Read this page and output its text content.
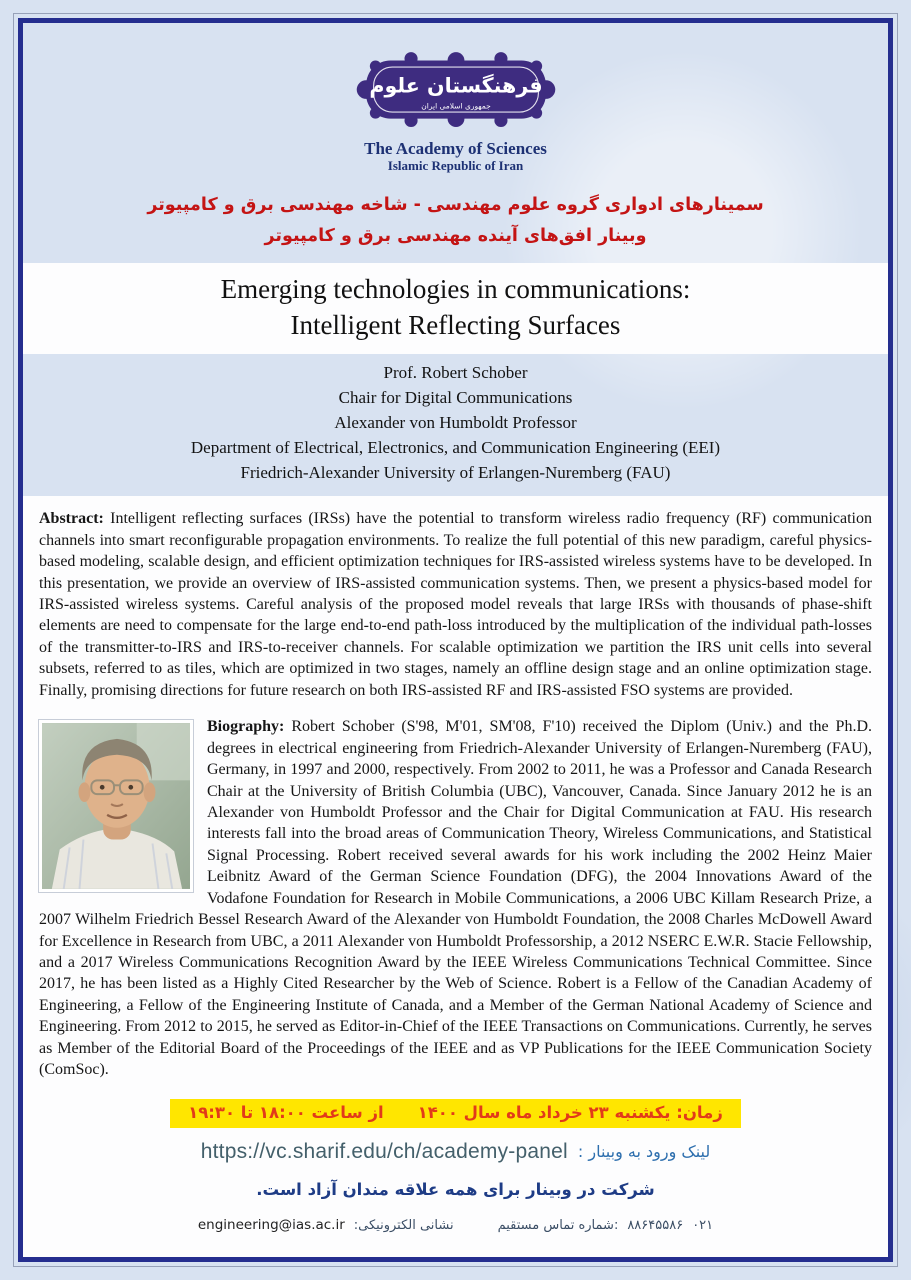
فرهنگستان علوم
جمهوری اسلامی ایران
The Academy of Sciences
Islamic Republic of Iran
سمینارهای ادواری گروه علوم مهندسی - شاخه مهندسی برق و کامپیوتر
وبینار افق‌های آینده مهندسی برق و کامپیوتر
Emerging technologies in communications:
Intelligent Reflecting Surfaces
Prof. Robert Schober
Chair for Digital Communications
Alexander von Humboldt Professor
Department of Electrical, Electronics, and Communication Engineering (EEI)
Friedrich-Alexander University of Erlangen-Nuremberg (FAU)

Abstract: Intelligent reflecting surfaces (IRSs) have the potential to transform wireless radio frequency (RF) communication channels into smart reconfigurable propagation environments. To realize the full potential of this new paradigm, careful physics-based modeling, scalable design, and efficient optimization techniques for IRS-assisted wireless systems have to be developed. In this presentation, we provide an overview of IRS-assisted communication systems. Then, we present a physics-based model for IRS-assisted wireless systems. Careful analysis of the proposed model reveals that large IRSs with thousands of phase-shift elements are need to compensate for the large end-to-end path-loss introduced by the multiplication of the individual path-losses of the transmitter-to-IRS and IRS-to-receiver channels. For scalable optimization we partition the IRS unit cells into several subsets, referred to as tiles, which are optimized in two stages, namely an offline design stage and an online optimization stage. Finally, promising directions for future research on both IRS-assisted RF and IRS-assisted FSO systems are provided.

Biography: Robert Schober (S'98, M'01, SM'08, F'10) received the Diplom (Univ.) and the Ph.D. degrees in electrical engineering from Friedrich-Alexander University of Erlangen-Nuremberg (FAU), Germany, in 1997 and 2000, respectively. From 2002 to 2011, he was a Professor and Canada Research Chair at the University of British Columbia (UBC), Vancouver, Canada. Since January 2012 he is an Alexander von Humboldt Professor and the Chair for Digital Communication at FAU. His research interests fall into the broad areas of Communication Theory, Wireless Communications, and Statistical Signal Processing. Robert received several awards for his work including the 2002 Heinz Maier Leibnitz Award of the German Science Foundation (DFG), the 2004 Innovations Award of the Vodafone Foundation for Research in Mobile Communications, a 2006 UBC Killam Research Prize, a 2007 Wilhelm Friedrich Bessel Research Award of the Alexander von Humboldt Foundation, the 2008 Charles McDowell Award for Excellence in Research from UBC, a 2011 Alexander von Humboldt Professorship, a 2012 NSERC E.W.R. Stacie Fellowship, and a 2017 Wireless Communications Recognition Award by the IEEE Wireless Communications Technical Committee. Since 2017, he has been listed as a Highly Cited Researcher by the Web of Science. Robert is a Fellow of the Canadian Academy of Engineering, a Fellow of the Engineering Institute of Canada, and a Member of the German National Academy of Science and Engineering. From 2012 to 2015, he served as Editor-in-Chief of the IEEE Transactions on Communications. Currently, he serves as Member of the Editorial Board of the Proceedings of the IEEE and as VP Publications for the IEEE Communication Society (ComSoc).

زمان: یکشنبه ۲۳ خرداد ماه سال ۱۴۰۰
از ساعت ۱۸:۰۰ تا ۱۹:۳۰
https://vc.sharif.edu/ch/academy-panel لینک ورود به وبینار :
شرکت در وبینار برای همه علاقه مندان آزاد است.
engineering@ias.ac.ir نشانی الکترونیکی:	شماره تماس مستقیم: ۸۸۶۴۵۵۸۶ ۰۲۱
